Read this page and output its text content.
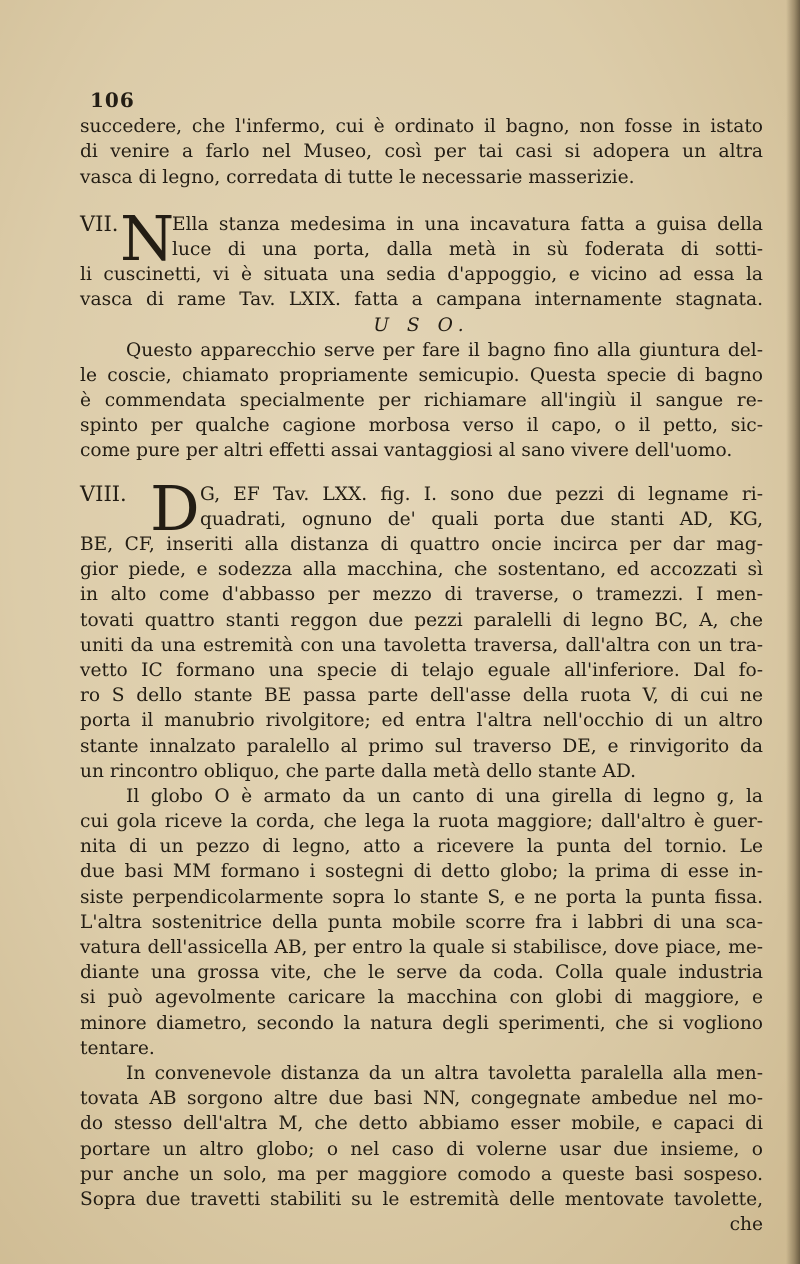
106
succedere, che l'infermo, cui è ordinato il bagno, non fosse in istato
di venire a farlo nel Museo, così per tai casi si adopera un altra
vasca di legno, corredata di tutte le necessarie masserizie.
VII. N
Ella stanza medesima in una incavatura fatta a guisa della
luce di una porta, dalla metà in sù foderata di sotti-
li cuscinetti, vi è situata una sedia d'appoggio, e vicino ad essa la
vasca di rame Tav. LXIX. fatta a campana internamente stagnata.
U S O.
Questo apparecchio serve per fare il bagno fino alla giuntura del-
le coscie, chiamato propriamente semicupio. Questa specie di bagno
è commendata specialmente per richiamare all'ingiù il sangue re-
spinto per qualche cagione morbosa verso il capo, o il petto, sic-
come pure per altri effetti assai vantaggiosi al sano vivere dell'uomo.
VIII. D G, EF Tav. LXX. fig. I. sono due pezzi di legname ri-
quadrati, ognuno de' quali porta due stanti AD, KG,
BE, CF, inseriti alla distanza di quattro oncie incirca per dar mag-
gior piede, e sodezza alla macchina, che sostentano, ed accozzati sì
in alto come d'abbasso per mezzo di traverse, o tramezzi. I men-
tovati quattro stanti reggon due pezzi paralelli di legno BC, A, che
uniti da una estremità con una tavoletta traversa, dall'altra con un tra-
vetto IC formano una specie di telajo eguale all'inferiore. Dal fo-
ro S dello stante BE passa parte dell'asse della ruota V, di cui ne
porta il manubrio rivolgitore; ed entra l'altra nell'occhio di un altro
stante innalzato paralello al primo sul traverso DE, e rinvigorito da
un rincontro obliquo, che parte dalla metà dello stante AD.
Il globo O è armato da un canto di una girella di legno g, la
cui gola riceve la corda, che lega la ruota maggiore; dall'altro è guer-
nita di un pezzo di legno, atto a ricevere la punta del tornio. Le
due basi MM formano i sostegni di detto globo; la prima di esse in-
siste perpendicolarmente sopra lo stante S, e ne porta la punta fissa.
L'altra sostenitrice della punta mobile scorre fra i labbri di una sca-
vatura dell'assicella AB, per entro la quale si stabilisce, dove piace, me-
diante una grossa vite, che le serve da coda. Colla quale industria
si può agevolmente caricare la macchina con globi di maggiore, e
minore diametro, secondo la natura degli sperimenti, che si vogliono
tentare.
In convenevole distanza da un altra tavoletta paralella alla men-
tovata AB sorgono altre due basi NN, congegnate ambedue nel mo-
do stesso dell'altra M, che detto abbiamo esser mobile, e capaci di
portare un altro globo; o nel caso di volerne usar due insieme, o
pur anche un solo, ma per maggiore comodo a queste basi sospeso.
Sopra due travetti stabiliti su le estremità delle mentovate tavolette,
che
